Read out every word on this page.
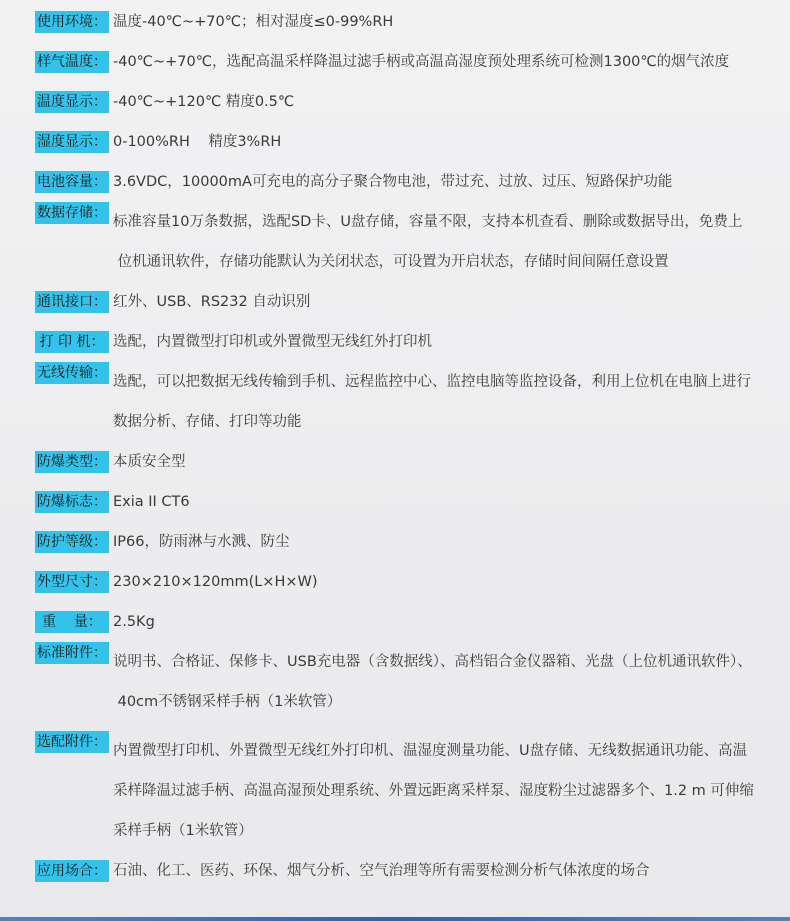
使用环境： 温度-40℃~+70℃；相对湿度≤0-99%RH
样气温度： -40℃~+70℃，选配高温采样降温过滤手柄或高温高湿度预处理系统可检测1300℃的烟气浓度
温度显示： -40℃~+120℃ 精度0.5℃
湿度显示： 0-100%RH    精度3%RH
电池容量： 3.6VDC，10000mA可充电的高分子聚合物电池，带过充、过放、过压、短路保护功能
数据存储：
标准容量10万条数据，选配SD卡、U盘存储，容量不限，支持本机查看、删除或数据导出，免费上
位机通讯软件，存储功能默认为关闭状态，可设置为开启状态，存储时间间隔任意设置
通讯接口： 红外、USB、RS232 自动识别
打 印 机： 选配，内置微型打印机或外置微型无线红外打印机
无线传输：
选配，可以把数据无线传输到手机、远程监控中心、监控电脑等监控设备，利用上位机在电脑上进行
数据分析、存储、打印等功能
防爆类型： 本质安全型
防爆标志： Exia II CT6
防护等级： IP66，防雨淋与水溅、防尘
外型尺寸： 230×210×120mm(L×H×W)
重    量： 2.5Kg
标准附件：
说明书、合格证、保修卡、USB充电器（含数据线）、高档铝合金仪器箱、光盘（上位机通讯软件）、
40cm不锈钢采样手柄（1米软管）
选配附件：
内置微型打印机、外置微型无线红外打印机、温湿度测量功能、U盘存储、无线数据通讯功能、高温
采样降温过滤手柄、高温高湿预处理系统、外置远距离采样泵、湿度粉尘过滤器多个、1.2 m 可伸缩
采样手柄（1米软管）
应用场合： 石油、化工、医药、环保、烟气分析、空气治理等所有需要检测分析气体浓度的场合
